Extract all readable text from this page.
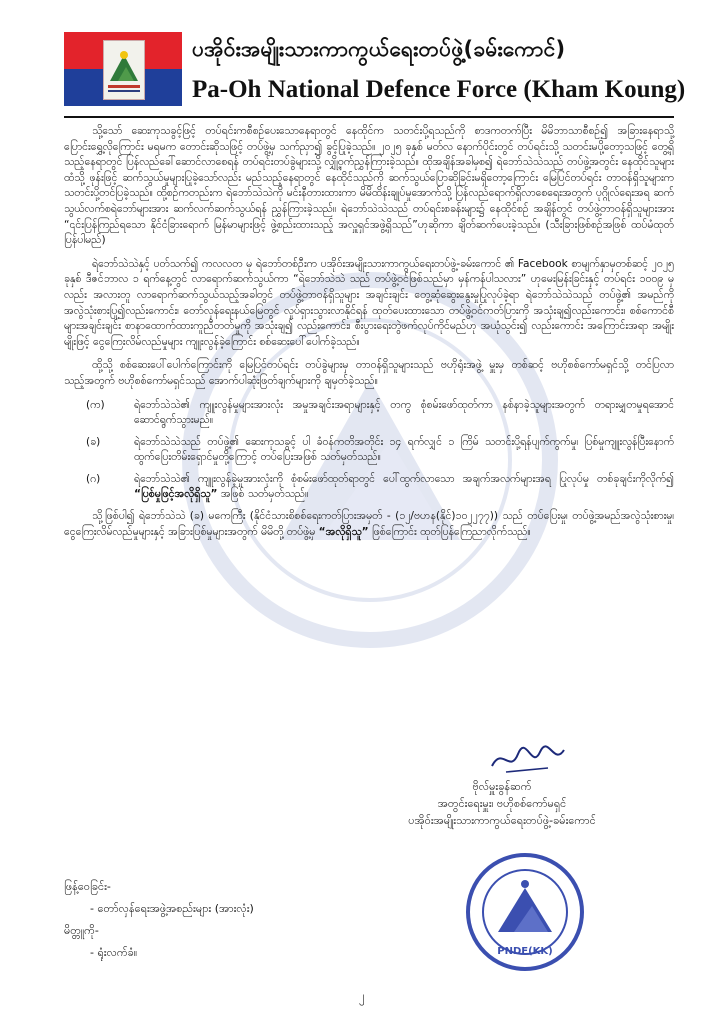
ပအိုဝ်းအမျိုးသားကာကွယ်ရေးတပ်ဖွဲ့(ခမ်းကောင်)
Pa-Oh National Defence Force (Kham Koung)

သို့သော် ဆေးကုသခွင့်ဖြင့် တပ်ရင်းကစီစဉ်ပေးသောနေရာတွင် နေထိုင်က သတင်းပို့ရသည်ကို စာဒကတက်ပြီး မိမိဘာသာစီစဉ်၍ အခြားနေရာသို့ ပြောင်းရွှေ့လိုကြောင်း မရမက တောင်းဆိုသဖြင့် တပ်ဖွဲ့မှ သက်ညှာ၍ ခွင့်ပြုခဲ့သည်။ ၂၀၂၅ ခုနှစ် မတ်လ နောက်ပိုင်းတွင် တပ်ရင်းသို့ သတင်းမပို့တော့သဖြင့် တွေ့ရှိသည့်နေရာတွင် ပြန်လည်ခေါ်ဆောင်လာစေရန် တပ်ရင်းတပ်ခွဲများသို့ လျှို့ဝှက်ညွှန်ကြားခဲ့သည်။ ထိုအချိန်အခါမှစ၍ ရဲဘော်သဲသဲသည် တပ်ဖွဲ့အတွင်း နေထိုင်သူများထံသို့ ဖုန်းဖြင့် ဆက်သွယ်မှုများပြုခဲ့သော်လည်း မည်သည့်နေရာတွင် နေထိုင်သည်ကို ဆက်သွယ်ပြောဆိုခြင်းမရှိတော့ကြောင်း မြေပြင်တပ်ရင်း တာဝန်ရှိသူများက သတင်းပို့တင်ပြခဲ့သည်။ ထို့စဉ်ကတည်းက ရဲဘော်သဲသဲကို မင်းနီတားထားကာ မိမိထိန်းချုပ်မှုအောက်သို့ ပြန်လည်ရောက်ရှိလာစေရေးအတွက် ပုဂ္ဂိုလ်ရေးအရ ဆက်သွယ်လက်စရဲဘော်များအား ဆက်လက်ဆက်သွယ်ရန် ညွှန်ကြားခဲ့သည်။ ရဲဘော်သဲသဲသည် တပ်ရင်းစခန်းများ၌ နေထိုင်စဉ် အချိန်တွင် တပ်ဖွဲ့တာဝန်ရှိသူများအား “၎င်းပြန်ကြည်ရသော နိုင်ငံခြားရောက် မြန်မာများဖြင့် ဖွဲ့စည်းထားသည့် အလှူရှင်အဖွဲ့ရှိသည်”ဟုဆိုကာ ချိတ်ဆက်ပေးခဲ့သည်။ (သီးခြားဖြစ်စဉ်အဖြစ် ထပ်မံထုတ်ပြန်ပါမည်)

ရဲဘော်သဲသဲနှင့် ပတ်သက်၍ ကလလတ မှ ရဲဘော်တစ်ဦးက ပအိုဝ်းအမျိုးသားကာကွယ်ရေးတပ်ဖွဲ့-ခမ်းကောင် ၏ Facebook စာမျက်နှာမှတစ်ဆင့် ၂၀၂၅ ခုနှစ် ဒီဇင်ဘာလ ၁ ရက်နေ့တွင် လာရောက်ဆက်သွယ်ကာ “ရဲဘော်သဲသဲ သည် တပ်ဖွဲ့ဝင်ဖြစ်သည်မှာ မှန်ကန်ပါသလား” ဟုမေးမြန်းခြင်းနှင့် တပ်ရင်း ၁၀၀၉ မှလည်း အလားတူ လာရောက်ဆက်သွယ်သည့်အခါတွင် တပ်ဖွဲ့တာဝန်ရှိသူများ အချင်းချင်း တွေ့ဆုံဆွေးနွေးမှုပြုလုပ်ခဲ့ရာ ရဲဘော်သဲသဲသည် တပ်ဖွဲ့၏ အမည်ကို အလွဲသုံးစားပြု၍လည်းကောင်း၊ တော်လှန်ရေးနယ်မြေတွင် လှုပ်ရှားသွားလာနိုင်ရန် ထုတ်ပေးထားသော တပ်ဖွဲ့ဝင်ကတ်ပြားကို အသုံးချ၍လည်းကောင်း၊ စစ်ကောင်စီများအချင်းချင်း စာနာထောက်ထားကူညီတတ်မှုကို အသုံးချ၍ လည်းကောင်း၊ စီးပွားရေးတွဲဖက်လုပ်ကိုင်မည်ဟု အယုံသွင်း၍ လည်းကောင်း အကြောင်းအရာ အမျိုးမျိုးဖြင့် ငွေကြေးလိမ်လည်မှုများ ကျူးလွန်ခဲ့ကြောင်း စစ်ဆေးပေါ်ပေါက်ခဲ့သည်။

ထို့သို့ စစ်ဆေးပေါ်ပေါက်ကြောင်းကို မြေပြင်တပ်ရင်း တပ်ခွဲများမှ တာဝန်ရှိသူများသည် ဗဟိုရုံးအဖွဲ့ မှူးမှ တစ်ဆင့် ဗဟိုစစ်ကော်မရှင်သို့ တင်ပြလာသည့်အတွက် ဗဟိုစစ်ကော်မရှင်သည် အောက်ပါဆုံးဖြတ်ချက်များကို ချမှတ်ခဲ့သည်။

(က)	ရဲဘော်သဲသဲ၏ ကျူးလွန်မှုများအားလုံး အမှုအချင်းအရာများနှင့် တကွ စုံစမ်းဖော်ထုတ်ကာ နစ်နာခဲ့သူများအတွက် တရားမျှတမှုရအောင် ဆောင်ရွက်သွားမည်။
(ခ)	ရဲဘော်သဲသဲသည် တပ်ဖွဲ့၏ ဆေးကုသခွင့် ပါ ခံဝန်ကတိအတိုင်း ၁၄ ရက်လျှင် ၁ ကြိမ် သတင်းပို့ရန်ပျက်ကွက်မှု၊ ပြစ်မှုကျူးလွန်ပြီးနောက် ထွက်ပြေးတိမ်းရှောင်မှုတို့ကြောင့် တပ်ပြေးအဖြစ် သတ်မှတ်သည်။
(ဂ)	ရဲဘော်သဲသဲ၏ ကျူးလွန်ခဲ့မှုအားလုံးကို စုံစမ်းဖော်ထုတ်ရာတွင် ပေါ်ထွက်လာသော အချက်အလက်များအရ ပြုလုပ်မှု တစ်ခုချင်းကိုလိုက်၍ “ပြစ်မှုဖြင့်အလိုရှိသူ” အဖြစ် သတ်မှတ်သည်။

သို့ဖြစ်ပါ၍ ရဲဘော်သဲသဲ (ခ) မကေကြီး (နိုင်ငံသားစိစစ်ရေးကတ်ပြားအမှတ် - (၁၂/ဗဟန(နိုင်)၁၀၂၂၇၇)) သည် တပ်ပြေးမှု၊ တပ်ဖွဲ့အမည်အလွဲသုံးစားမှု၊ ငွေကြေးလိမ်လည်မှုများနှင့် အခြားပြစ်မှုများအတွက် မိမိတို့ တပ်ဖွဲ့မှ “အလိုရှိသူ” ဖြစ်ကြောင်း ထုတ်ပြန်ကြေညာလိုက်သည်။

ဗိုလ်မှူးခွန်ဆက်
အတွင်းရေးမှူး၊ ဗဟိုစစ်ကော်မရှင်
ပအိုဝ်းအမျိုးသားကာကွယ်ရေးတပ်ဖွဲ့-ခမ်းကောင်
PNDF(KK)
ဖြန့်ဝေခြင်း-
- တော်လှန်ရေးအဖွဲ့အစည်းများ (အားလုံး)
မိတ္တူကို-
- ရုံးလက်ခံ။
၂
